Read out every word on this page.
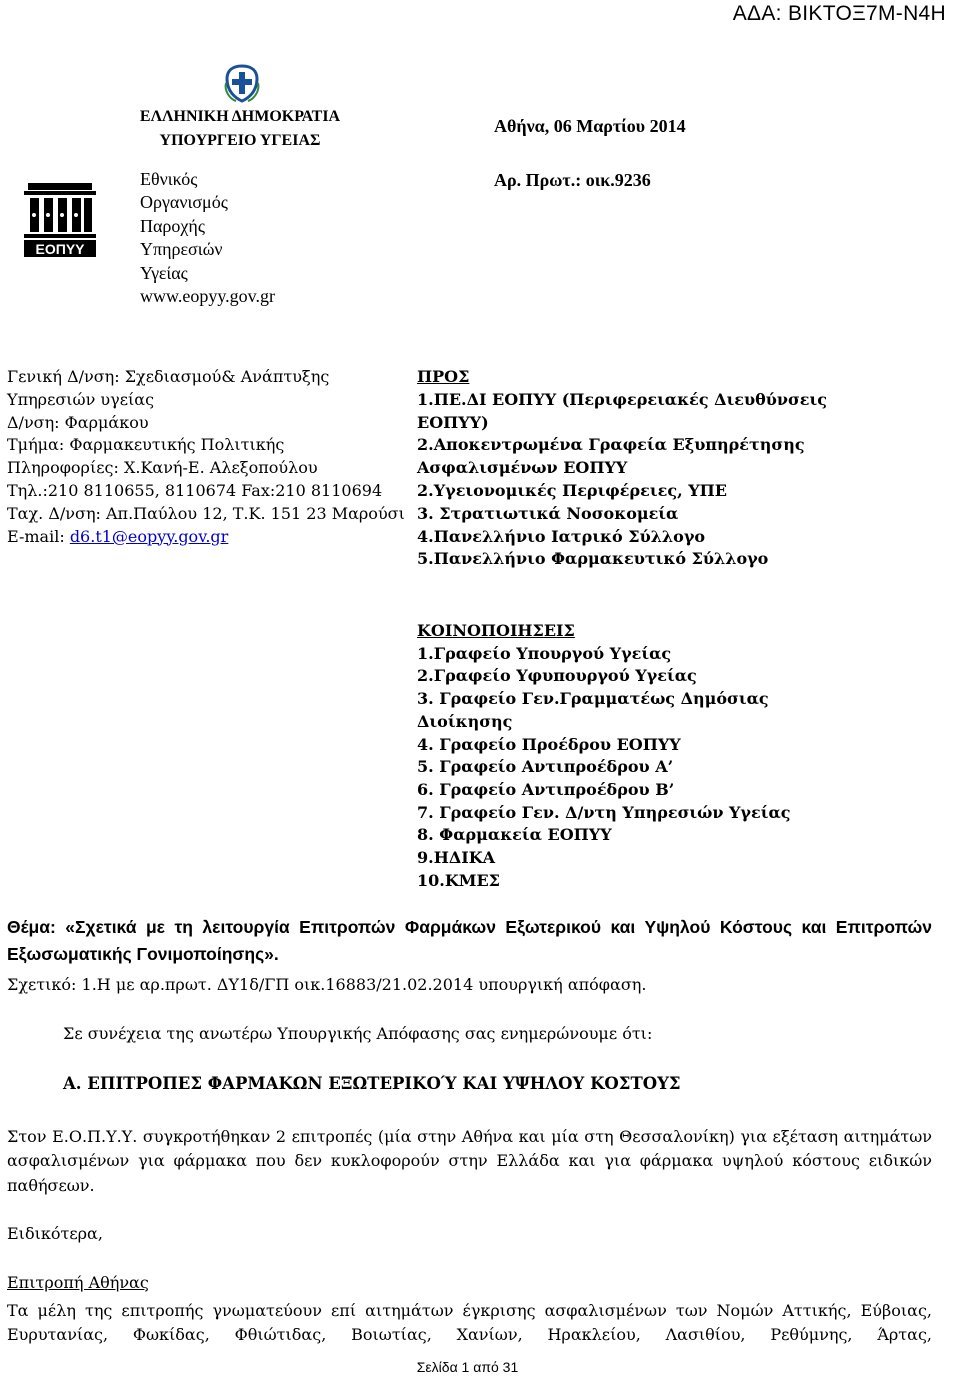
ΑΔΑ: ΒΙΚΤΟΞ7Μ-Ν4Η
ΕΛΛΗΝΙΚΗ ΔΗΜΟΚΡΑΤΙΑ
ΥΠΟΥΡΓΕΙΟ ΥΓΕΙΑΣ
ΕΟΠΥΥ
Εθνικός
Οργανισμός
Παροχής
Υπηρεσιών
Υγείας
www.eopyy.gov.gr
Αθήνα, 06 Μαρτίου 2014
Αρ. Πρωτ.: οικ.9236
Γενική Δ/νση: Σχεδιασμού& Ανάπτυξης
Υπηρεσιών υγείας
Δ/νση: Φαρμάκου
Τμήμα: Φαρμακευτικής Πολιτικής
Πληροφορίες: Χ.Κανή-Ε. Αλεξοπούλου
Τηλ.:210 8110655, 8110674 Fax:210 8110694
Ταχ. Δ/νση: Απ.Παύλου 12, Τ.Κ. 151 23 Μαρούσι
E-mail: d6.t1@eopyy.gov.gr
ΠΡΟΣ
1.ΠΕ.ΔΙ ΕΟΠΥΥ (Περιφερειακές Διευθύνσεις
ΕΟΠΥΥ)
2.Αποκεντρωμένα Γραφεία Εξυπηρέτησης
Ασφαλισμένων ΕΟΠΥΥ
2.Υγειονομικές Περιφέρειες, ΥΠΕ
3. Στρατιωτικά Νοσοκομεία
4.Πανελλήνιο Ιατρικό Σύλλογο
5.Πανελλήνιο Φαρμακευτικό Σύλλογο
ΚΟΙΝΟΠΟΙΗΣΕΙΣ
1.Γραφείο Υπουργού Υγείας
2.Γραφείο Υφυπουργού Υγείας
3. Γραφείο Γεν.Γραμματέως Δημόσιας
Διοίκησης
4. Γραφείο Προέδρου ΕΟΠΥΥ
5. Γραφείο Αντιπροέδρου Α’
6. Γραφείο Αντιπροέδρου Β’
7. Γραφείο Γεν. Δ/ντη Υπηρεσιών Υγείας
8. Φαρμακεία ΕΟΠΥΥ
9.ΗΔΙΚΑ
10.ΚΜΕΣ
Θέμα: «Σχετικά με τη λειτουργία Επιτροπών Φαρμάκων Εξωτερικού και Υψηλού Κόστους και Επιτροπών Εξωσωματικής Γονιμοποίησης».
Σχετικό: 1.Η με αρ.πρωτ. ΔΥ1δ/ΓΠ οικ.16883/21.02.2014 υπουργική απόφαση.
Σε συνέχεια της ανωτέρω Υπουργικής Απόφασης σας ενημερώνουμε ότι:
Α. ΕΠΙΤΡΟΠΕΣ ΦΑΡΜΑΚΩΝ ΕΞΩΤΕΡΙΚΟΎ ΚΑΙ ΥΨΗΛΟΥ ΚΟΣΤΟΥΣ
Στον Ε.Ο.Π.Υ.Υ. συγκροτήθηκαν 2 επιτροπές (μία στην Αθήνα και μία στη Θεσσαλονίκη) για εξέταση αιτημάτων ασφαλισμένων για φάρμακα που δεν κυκλοφορούν στην Ελλάδα και για φάρμακα υψηλού κόστους ειδικών παθήσεων.
Ειδικότερα,
Επιτροπή Αθήνας
Τα μέλη της επιτροπής γνωματεύουν επί αιτημάτων έγκρισης ασφαλισμένων των Νομών Αττικής, Εύβοιας, Ευρυτανίας, Φωκίδας, Φθιώτιδας, Βοιωτίας, Χανίων, Ηρακλείου, Λασιθίου, Ρεθύμνης, Άρτας,
Σελίδα 1 από 31
